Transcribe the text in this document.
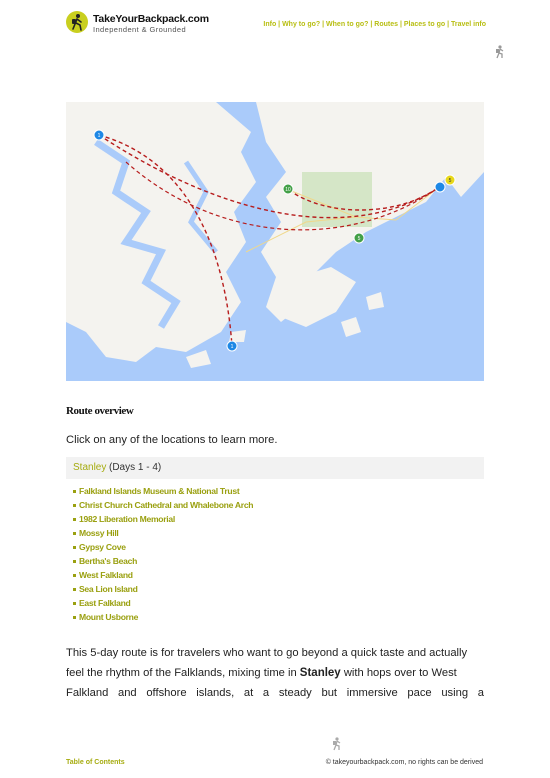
TakeYourBackpack.com
Independent & Grounded
Info | Why to go? | When to go? | Routes | Places to go | Travel info
1
1
5
10
5
Route overview
Click on any of the locations to learn more.
Stanley (Days 1 - 4)
Falkland Islands Museum & National Trust
Christ Church Cathedral and Whalebone Arch
1982 Liberation Memorial
Mossy Hill
Gypsy Cove
Bertha's Beach
West Falkland
Sea Lion Island
East Falkland
Mount Usborne
This 5-day route is for travelers who want to go beyond a quick taste and actually
feel the rhythm of the Falklands, mixing time in Stanley with hops over to West
Falkland and offshore islands, at a steady but immersive pace using a
Table of Contents	© takeyourbackpack.com, no rights can be derived
